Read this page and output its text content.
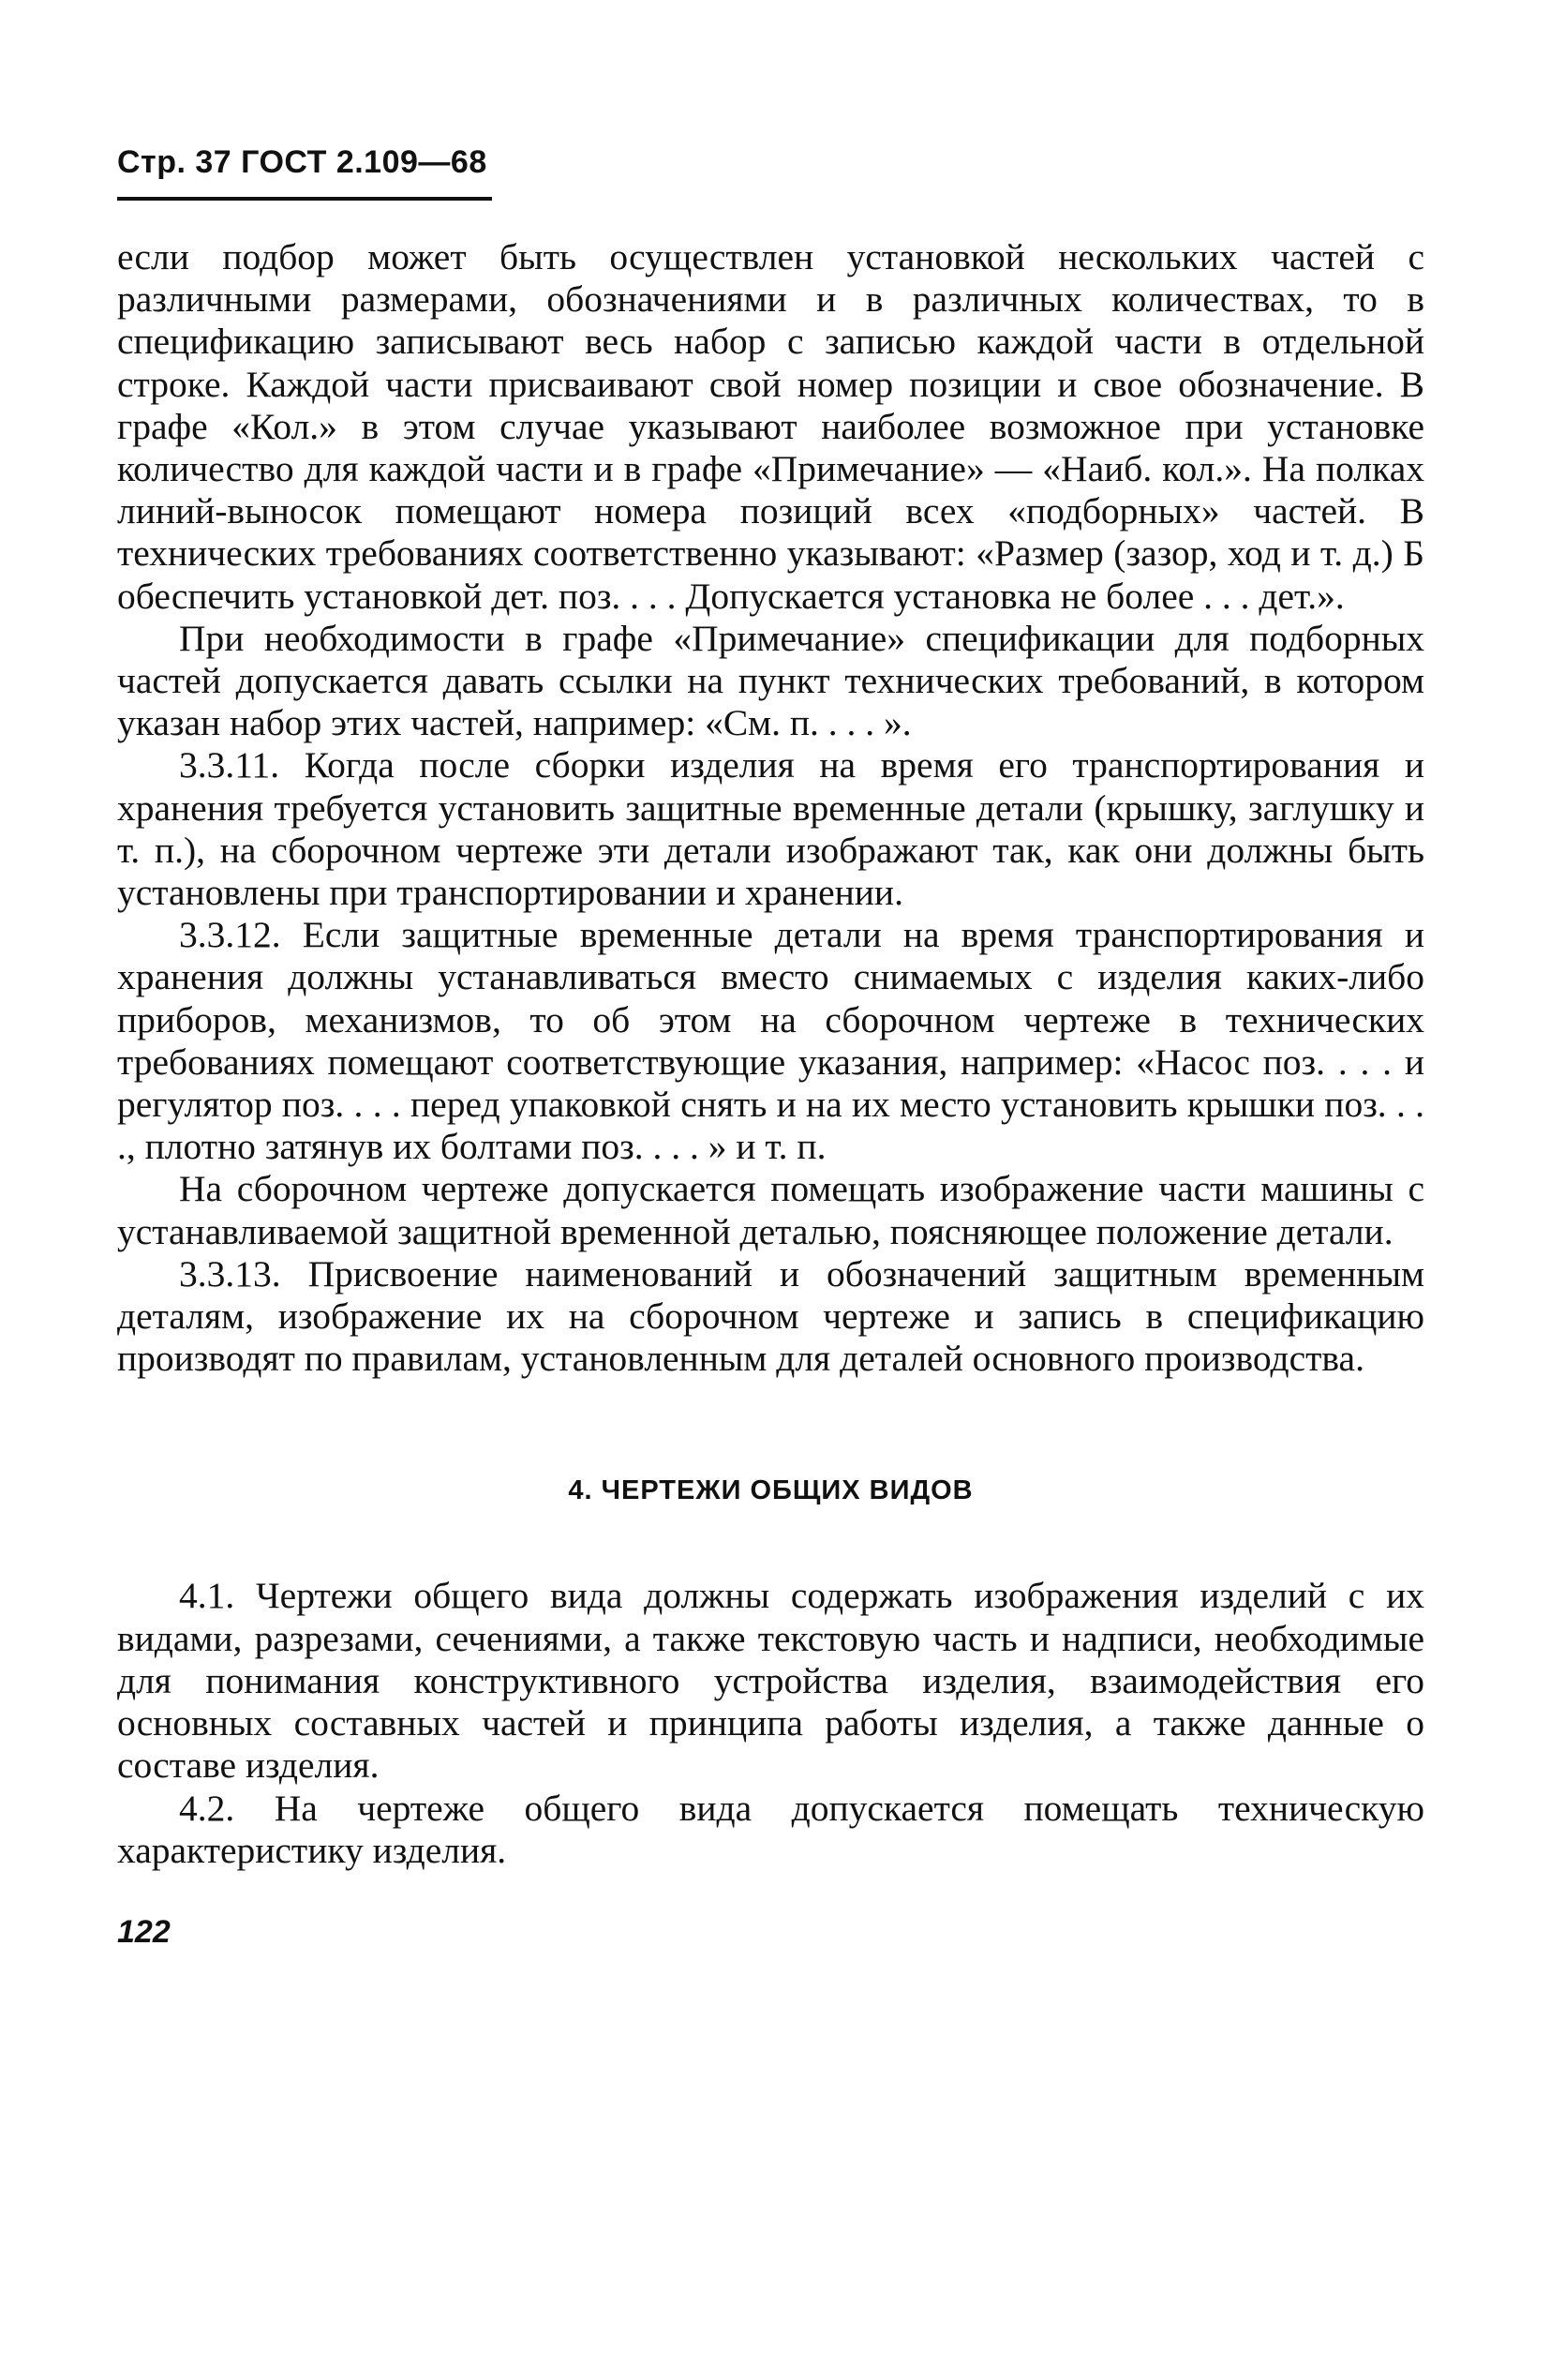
Стр. 37 ГОСТ 2.109—68

если подбор может быть осуществлен установкой нескольких частей с различными размерами, обозначениями и в различных количествах, то в спецификацию записывают весь набор с записью каждой части в отдельной строке. Каждой части присваивают свой номер позиции и свое обозначение. В графе «Кол.» в этом случае указывают наиболее возможное при установке количество для каждой части и в графе «Примечание» — «Наиб. кол.». На полках линий-выносок помещают номера позиций всех «подборных» частей. В технических требованиях соответственно указывают: «Размер (зазор, ход и т. д.) Б обеспечить установкой дет. поз. . . . Допускается установка не более . . . дет.».

При необходимости в графе «Примечание» спецификации для подборных частей допускается давать ссылки на пункт технических требований, в котором указан набор этих частей, например: «См. п. . . . ».

3.3.11. Когда после сборки изделия на время его транспортирования и хранения требуется установить защитные временные детали (крышку, заглушку и т. п.), на сборочном чертеже эти детали изображают так, как они должны быть установлены при транспортировании и хранении.

3.3.12. Если защитные временные детали на время транспортирования и хранения должны устанавливаться вместо снимаемых с изделия каких-либо приборов, механизмов, то об этом на сборочном чертеже в технических требованиях помещают соответствующие указания, например: «Насос поз. . . . и регулятор поз. . . . перед упаковкой снять и на их место установить крышки поз. . . ., плотно затянув их болтами поз. . . . » и т. п.

На сборочном чертеже допускается помещать изображение части машины с устанавливаемой защитной временной деталью, поясняющее положение детали.

3.3.13. Присвоение наименований и обозначений защитным временным деталям, изображение их на сборочном чертеже и запись в спецификацию производят по правилам, установленным для деталей основного производства.

4. ЧЕРТЕЖИ ОБЩИХ ВИДОВ

4.1. Чертежи общего вида должны содержать изображения изделий с их видами, разрезами, сечениями, а также текстовую часть и надписи, необходимые для понимания конструктивного устройства изделия, взаимодействия его основных составных частей и принципа работы изделия, а также данные о составе изделия.

4.2. На чертеже общего вида допускается помещать техническую характеристику изделия.

122
